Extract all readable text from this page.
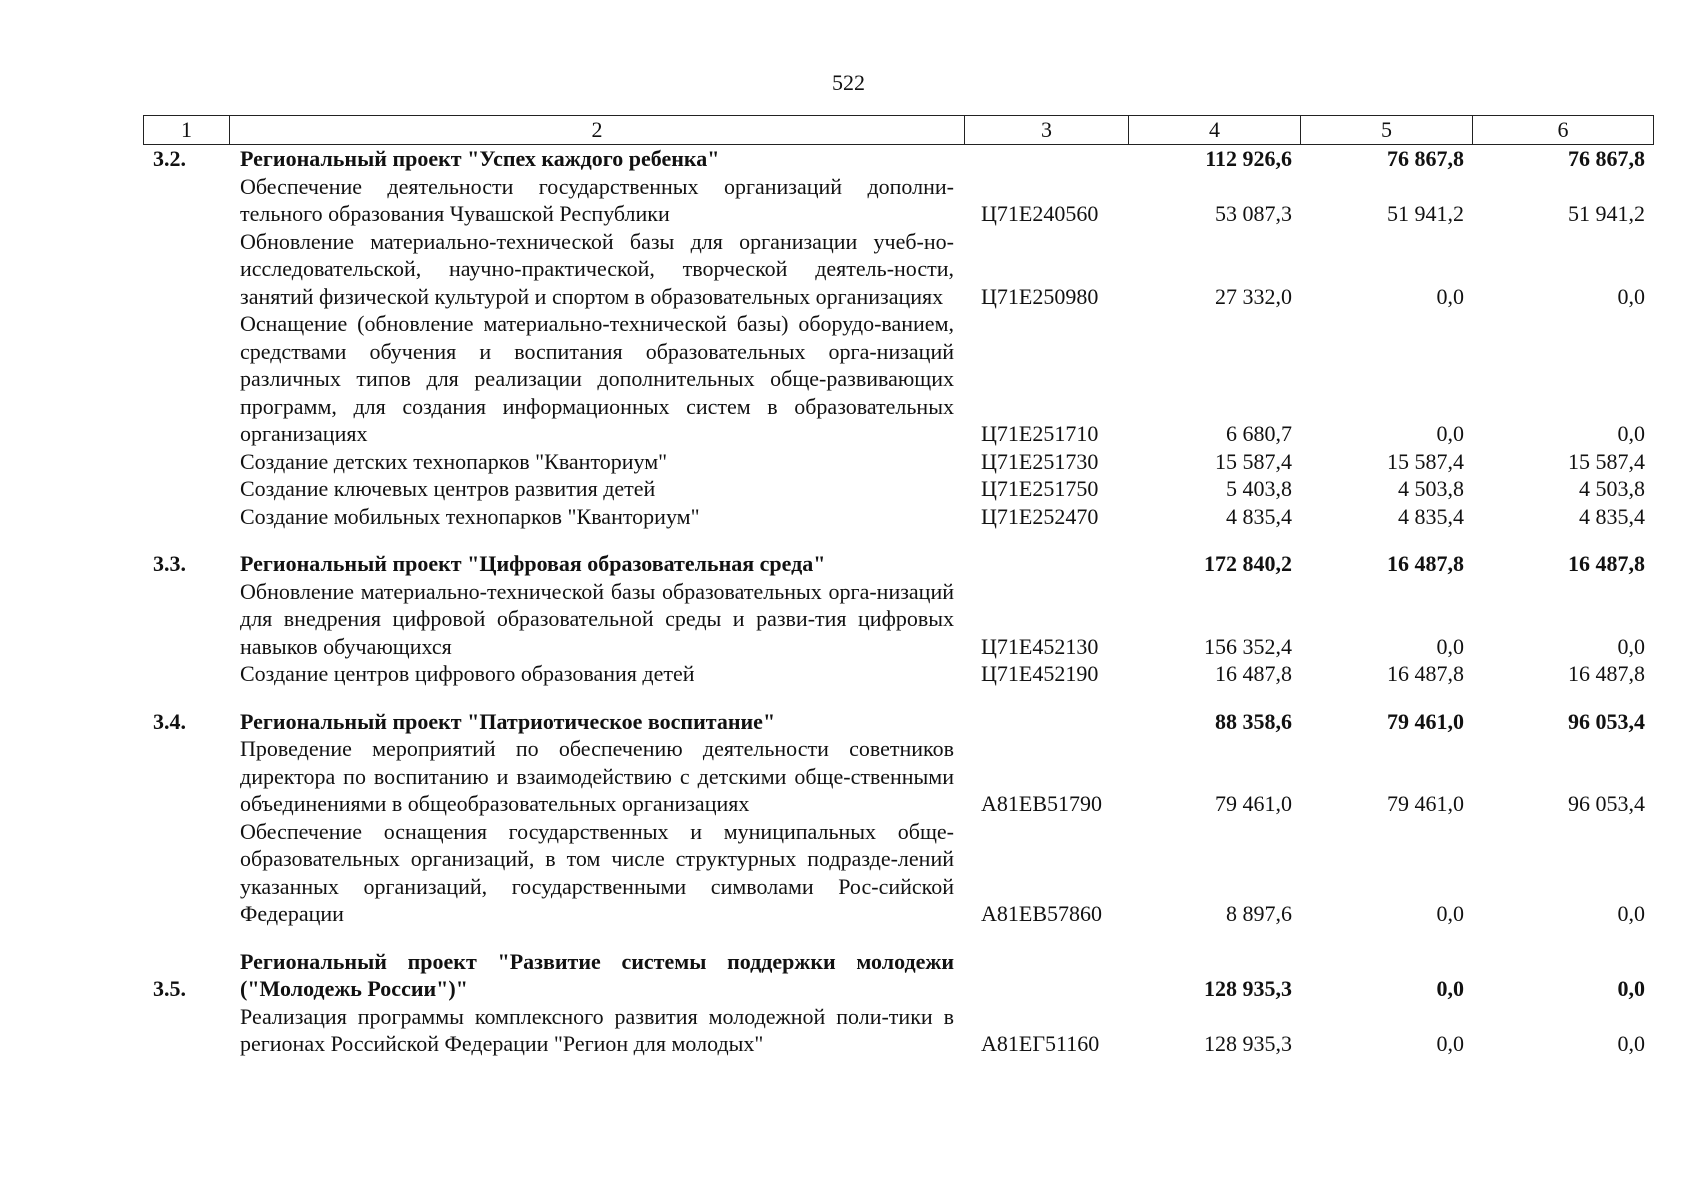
522
1	2	3	4	5	6
3.2.	Региональный проект "Успех каждого ребенка"		112 926,6	76 867,8	76 867,8
	Обеспечение деятельности государственных организаций дополни-тельного образования Чувашской Республики	Ц71Е240560	53 087,3	51 941,2	51 941,2
	Обновление материально-технической базы для организации учеб-но-исследовательской, научно-практической, творческой деятель-ности, занятий физической культурой и спортом в образовательных организациях	Ц71Е250980	27 332,0	0,0	0,0
	Оснащение (обновление материально-технической базы) оборудо-ванием, средствами обучения и воспитания образовательных орга-низаций различных типов для реализации дополнительных обще-развивающих программ, для создания информационных систем в образовательных организациях	Ц71Е251710	6 680,7	0,0	0,0
	Создание детских технопарков "Кванториум"	Ц71Е251730	15 587,4	15 587,4	15 587,4
	Создание ключевых центров развития детей	Ц71Е251750	5 403,8	4 503,8	4 503,8
	Создание мобильных технопарков "Кванториум"	Ц71Е252470	4 835,4	4 835,4	4 835,4

3.3.	Региональный проект "Цифровая образовательная среда"		172 840,2	16 487,8	16 487,8
	Обновление материально-технической базы образовательных орга-низаций для внедрения цифровой образовательной среды и разви-тия цифровых навыков обучающихся	Ц71Е452130	156 352,4	0,0	0,0
	Создание центров цифрового образования детей	Ц71Е452190	16 487,8	16 487,8	16 487,8

3.4.	Региональный проект "Патриотическое воспитание"		88 358,6	79 461,0	96 053,4
	Проведение мероприятий по обеспечению деятельности советников директора по воспитанию и взаимодействию с детскими обще-ственными объединениями в общеобразовательных организациях	А81ЕВ51790	79 461,0	79 461,0	96 053,4
	Обеспечение оснащения государственных и муниципальных обще-образовательных организаций, в том числе структурных подразде-лений указанных организаций, государственными символами Рос-сийской Федерации	А81ЕВ57860	8 897,6	0,0	0,0

3.5.	Региональный проект "Развитие системы поддержки молодежи ("Молодежь России")"		128 935,3	0,0	0,0
	Реализация программы комплексного развития молодежной поли-тики в регионах Российской Федерации "Регион для молодых"	А81ЕГ51160	128 935,3	0,0	0,0
